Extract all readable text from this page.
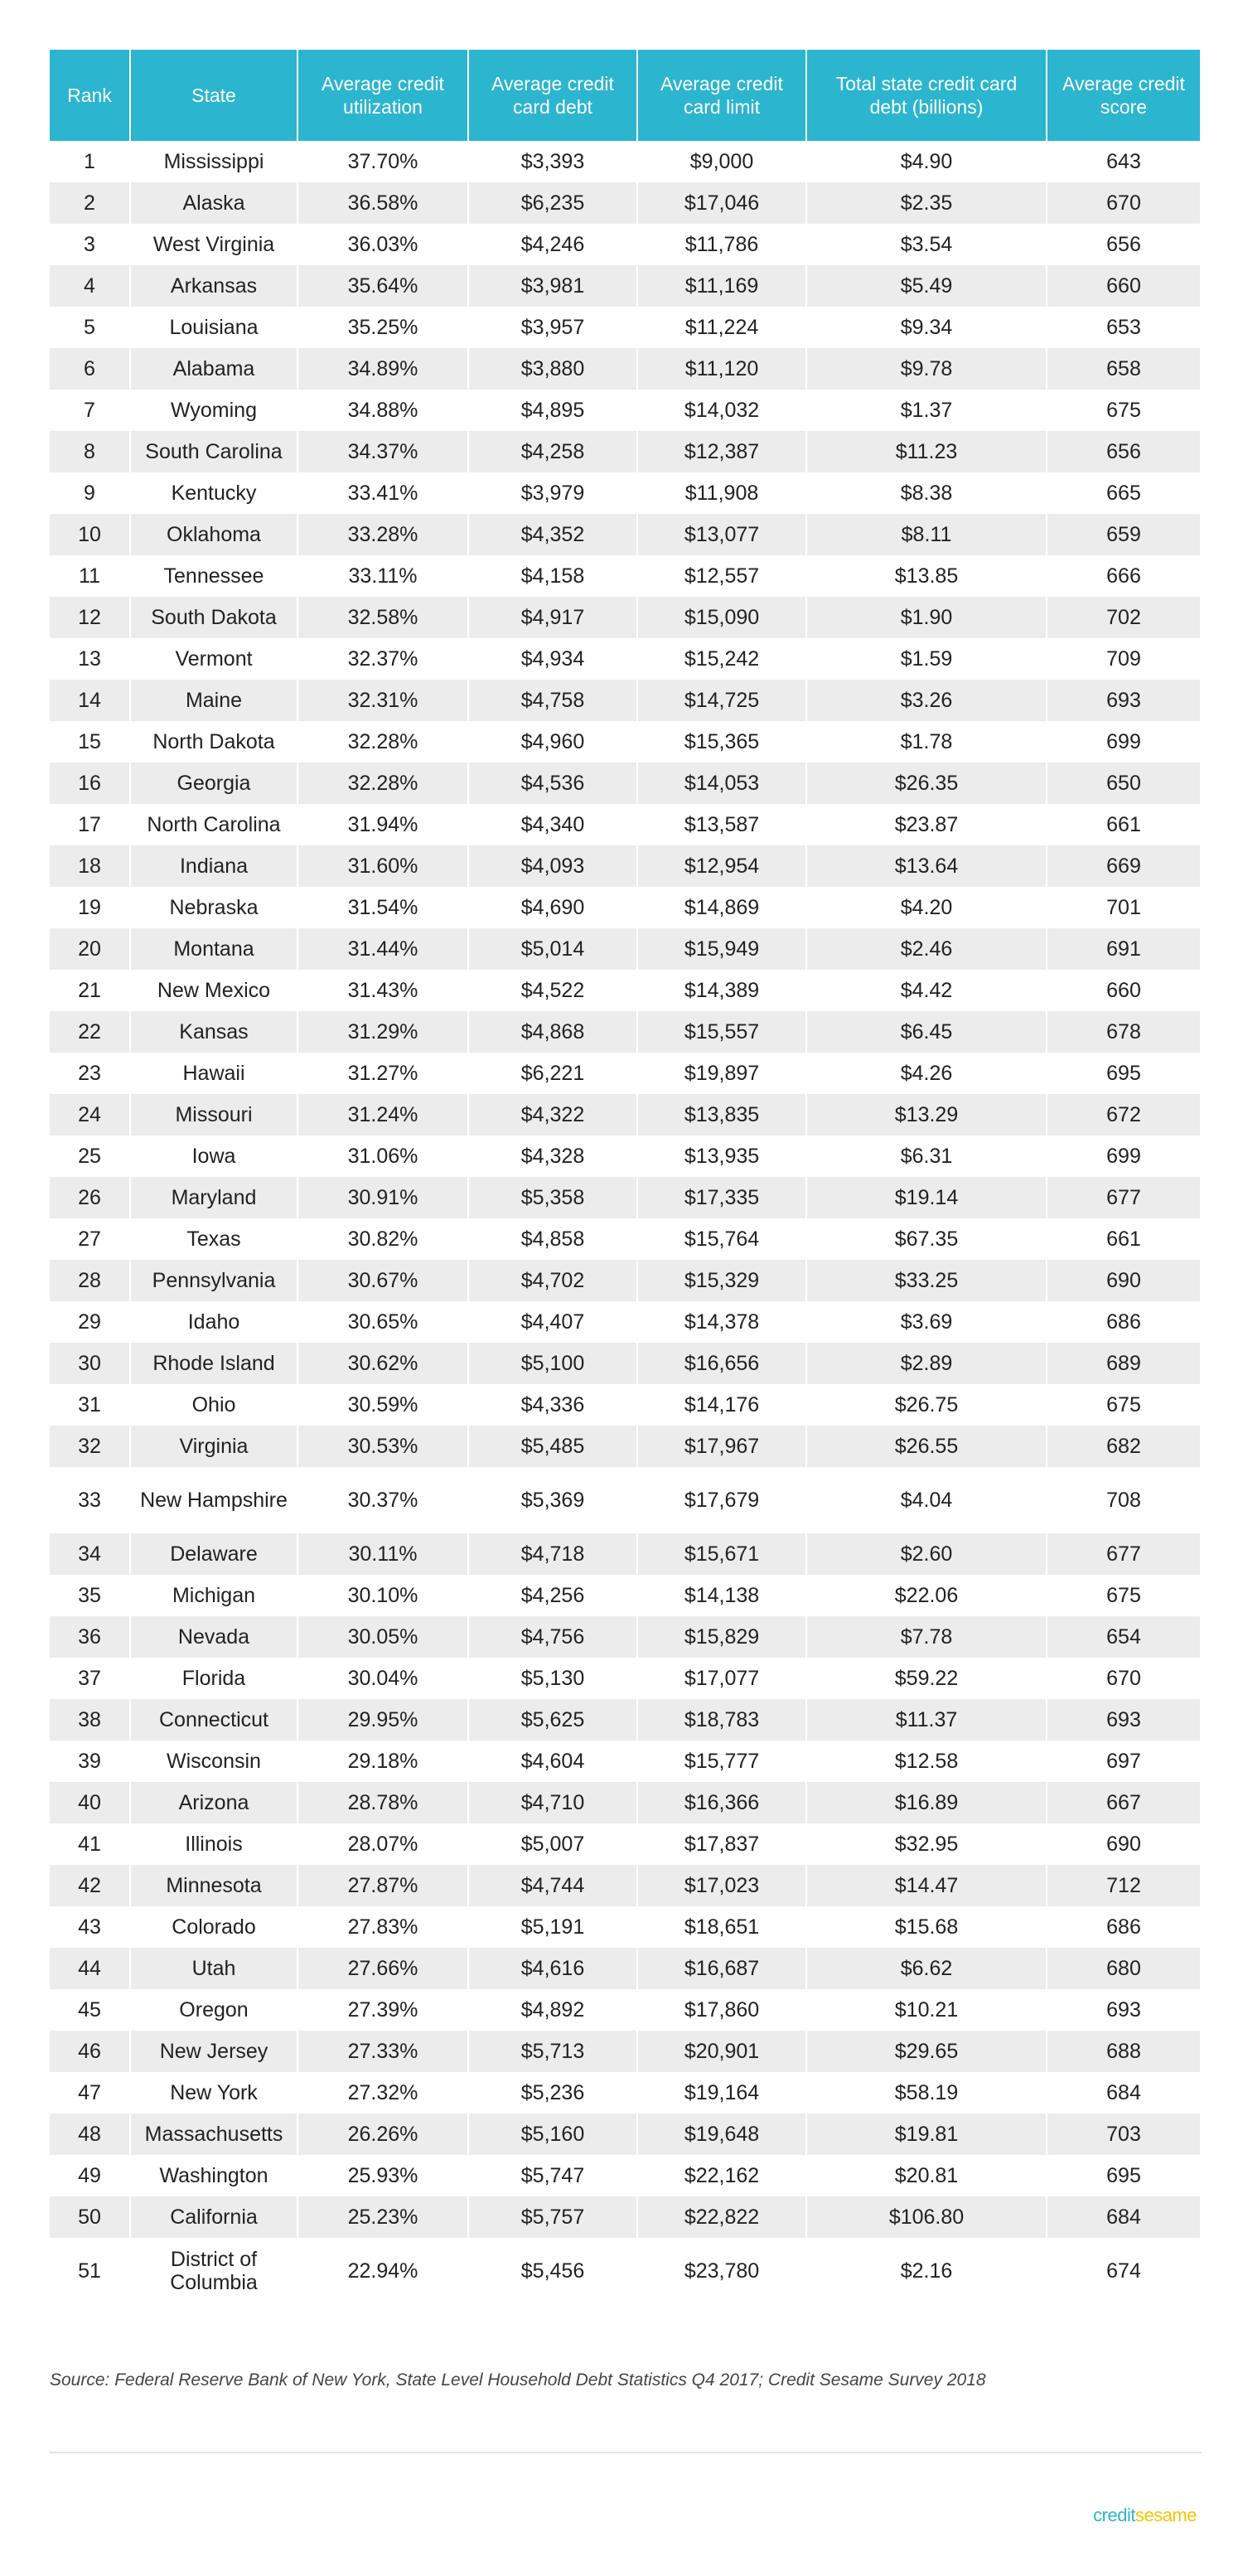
Rank	State	Average credit utilization	Average credit card debt	Average credit card limit	Total state credit card debt (billions)	Average credit score
1	Mississippi	37.70%	$3,393	$9,000	$4.90	643
2	Alaska	36.58%	$6,235	$17,046	$2.35	670
3	West Virginia	36.03%	$4,246	$11,786	$3.54	656
4	Arkansas	35.64%	$3,981	$11,169	$5.49	660
5	Louisiana	35.25%	$3,957	$11,224	$9.34	653
6	Alabama	34.89%	$3,880	$11,120	$9.78	658
7	Wyoming	34.88%	$4,895	$14,032	$1.37	675
8	South Carolina	34.37%	$4,258	$12,387	$11.23	656
9	Kentucky	33.41%	$3,979	$11,908	$8.38	665
10	Oklahoma	33.28%	$4,352	$13,077	$8.11	659
11	Tennessee	33.11%	$4,158	$12,557	$13.85	666
12	South Dakota	32.58%	$4,917	$15,090	$1.90	702
13	Vermont	32.37%	$4,934	$15,242	$1.59	709
14	Maine	32.31%	$4,758	$14,725	$3.26	693
15	North Dakota	32.28%	$4,960	$15,365	$1.78	699
16	Georgia	32.28%	$4,536	$14,053	$26.35	650
17	North Carolina	31.94%	$4,340	$13,587	$23.87	661
18	Indiana	31.60%	$4,093	$12,954	$13.64	669
19	Nebraska	31.54%	$4,690	$14,869	$4.20	701
20	Montana	31.44%	$5,014	$15,949	$2.46	691
21	New Mexico	31.43%	$4,522	$14,389	$4.42	660
22	Kansas	31.29%	$4,868	$15,557	$6.45	678
23	Hawaii	31.27%	$6,221	$19,897	$4.26	695
24	Missouri	31.24%	$4,322	$13,835	$13.29	672
25	Iowa	31.06%	$4,328	$13,935	$6.31	699
26	Maryland	30.91%	$5,358	$17,335	$19.14	677
27	Texas	30.82%	$4,858	$15,764	$67.35	661
28	Pennsylvania	30.67%	$4,702	$15,329	$33.25	690
29	Idaho	30.65%	$4,407	$14,378	$3.69	686
30	Rhode Island	30.62%	$5,100	$16,656	$2.89	689
31	Ohio	30.59%	$4,336	$14,176	$26.75	675
32	Virginia	30.53%	$5,485	$17,967	$26.55	682
33	New Hampshire	30.37%	$5,369	$17,679	$4.04	708
34	Delaware	30.11%	$4,718	$15,671	$2.60	677
35	Michigan	30.10%	$4,256	$14,138	$22.06	675
36	Nevada	30.05%	$4,756	$15,829	$7.78	654
37	Florida	30.04%	$5,130	$17,077	$59.22	670
38	Connecticut	29.95%	$5,625	$18,783	$11.37	693
39	Wisconsin	29.18%	$4,604	$15,777	$12.58	697
40	Arizona	28.78%	$4,710	$16,366	$16.89	667
41	Illinois	28.07%	$5,007	$17,837	$32.95	690
42	Minnesota	27.87%	$4,744	$17,023	$14.47	712
43	Colorado	27.83%	$5,191	$18,651	$15.68	686
44	Utah	27.66%	$4,616	$16,687	$6.62	680
45	Oregon	27.39%	$4,892	$17,860	$10.21	693
46	New Jersey	27.33%	$5,713	$20,901	$29.65	688
47	New York	27.32%	$5,236	$19,164	$58.19	684
48	Massachusetts	26.26%	$5,160	$19,648	$19.81	703
49	Washington	25.93%	$5,747	$22,162	$20.81	695
50	California	25.23%	$5,757	$22,822	$106.80	684
51	District of Columbia	22.94%	$5,456	$23,780	$2.16	674
Source: Federal Reserve Bank of New York, State Level Household Debt Statistics Q4 2017; Credit Sesame Survey 2018
creditsesame
